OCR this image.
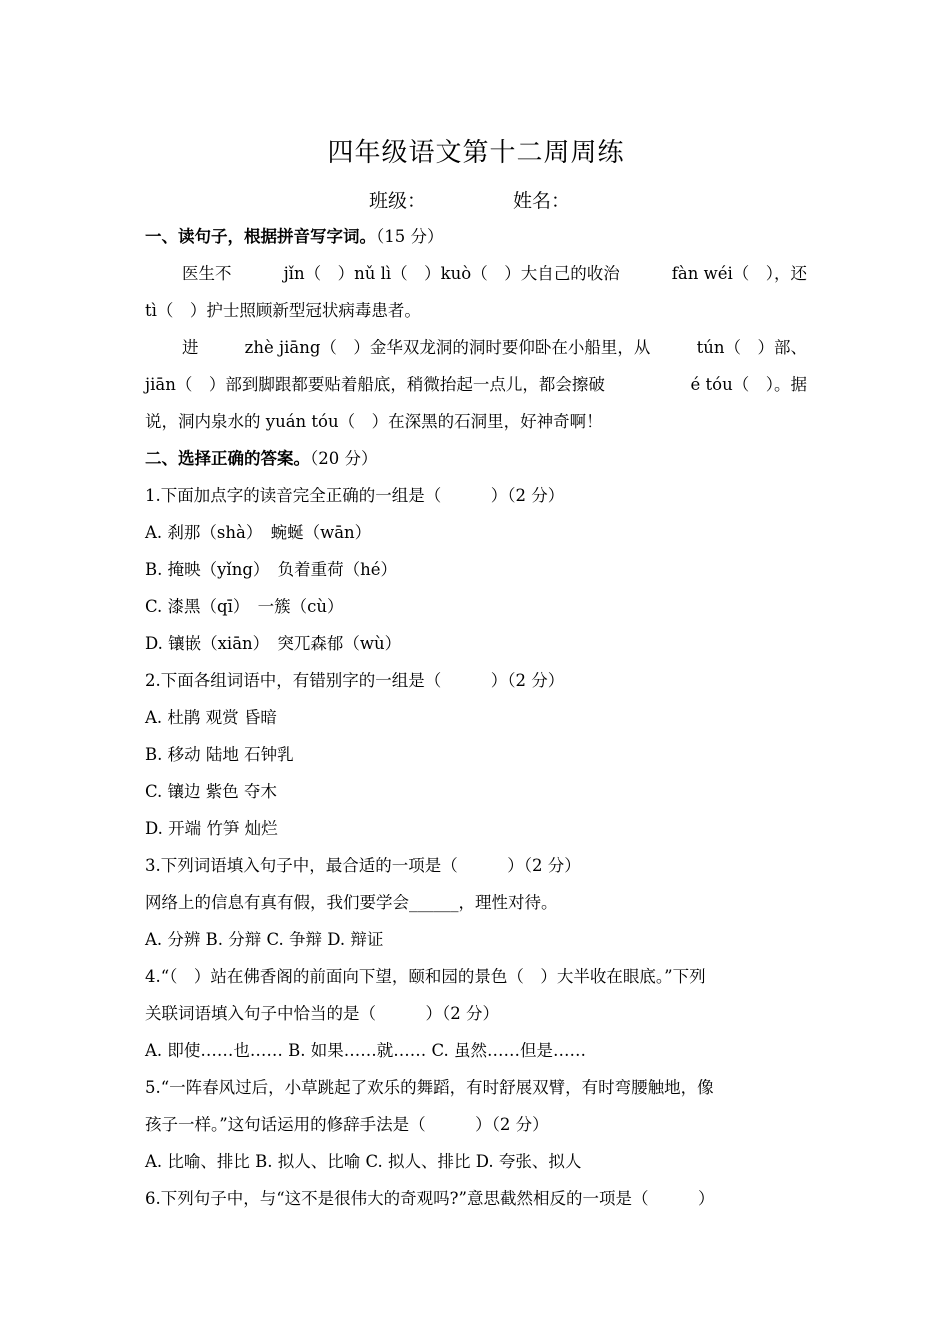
四年级语文第十二周周练
班级：	姓名：
一、读句子，根据拼音写字词。（15 分）
医生不	jǐn（　）nǔ lì（　）kuò（　）大自己的收治	fàn wéi（　），还
tì（　）护士照顾新型冠状病毒患者。
进	zhè jiāng（　）金华双龙洞的洞时要仰卧在小船里，从	tún（　）部、
jiān（　）部到脚跟都要贴着船底，稍微抬起一点儿，都会擦破	é tóu（　）。据
说，洞内泉水的 yuán tóu（　）在深黑的石洞里，好神奇啊！
二、选择正确的答案。（20 分）
1.下面加点字的读音完全正确的一组是（　　　）（2 分）
A. 刹那（shà）　蜿蜒（wān）
B. 掩映（yǐng）　负着重荷（hé）
C. 漆黑（qī）　一簇（cù）
D. 镶嵌（xiān）　突兀森郁（wù）
2.下面各组词语中，有错别字的一组是（　　　）（2 分）
A. 杜鹃 观赏 昏暗
B. 移动 陆地 石钟乳
C. 镶边 紫色 夺木
D. 开端 竹笋 灿烂
3.下列词语填入句子中，最合适的一项是（　　　）（2 分）
网络上的信息有真有假，我们要学会______，理性对待。
A. 分辨 B. 分辩 C. 争辩 D. 辩证
4.“（　）站在佛香阁的前面向下望，颐和园的景色（　）大半收在眼底。”下列
关联词语填入句子中恰当的是（　　　）（2 分）
A. 即使……也…… B. 如果……就…… C. 虽然……但是……
5.“一阵春风过后，小草跳起了欢乐的舞蹈，有时舒展双臂，有时弯腰触地，像
孩子一样。”这句话运用的修辞手法是（　　　）（2 分）
A. 比喻、排比 B. 拟人、比喻 C. 拟人、排比 D. 夸张、拟人
6.下列句子中，与“这不是很伟大的奇观吗?”意思截然相反的一项是（　　　）
